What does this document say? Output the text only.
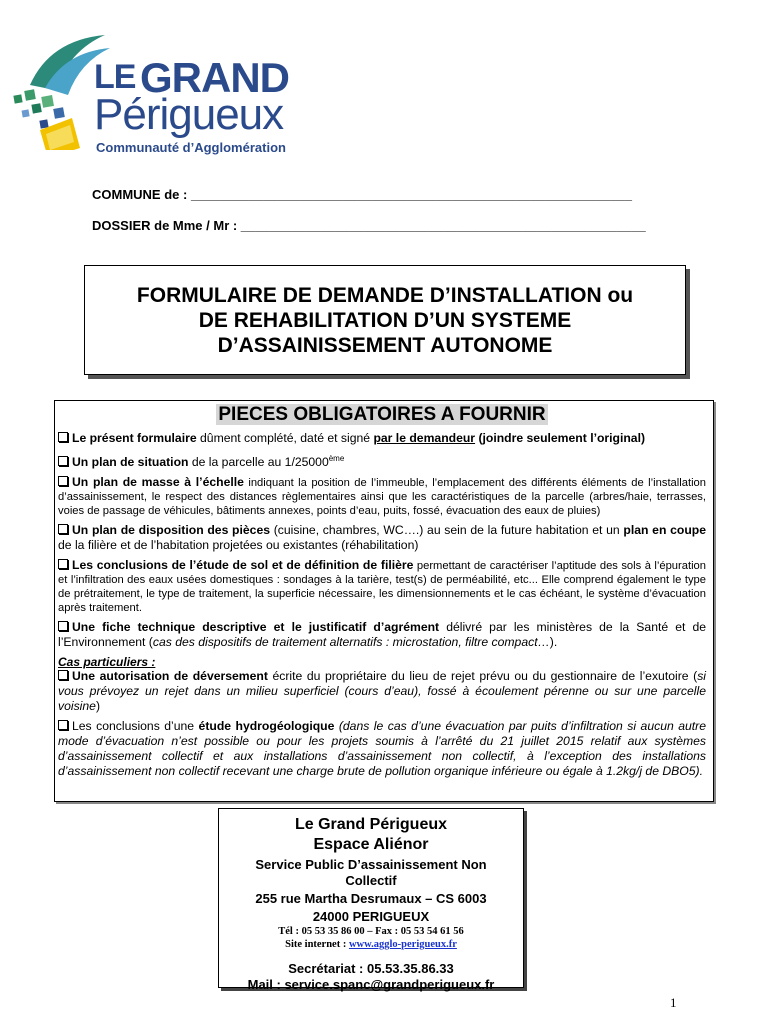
LE GRAND
Périgueux
Communauté d’Agglomération
COMMUNE de : _____________________________________________________________
DOSSIER de Mme / Mr : ________________________________________________________
FORMULAIRE DE DEMANDE D’INSTALLATION ou
DE REHABILITATION D’UN SYSTEME
D’ASSAINISSEMENT AUTONOME
PIECES OBLIGATOIRES A FOURNIR

Le présent formulaire dûment complété, daté et signé par le demandeur (joindre seulement l’original)

Un plan de situation de la parcelle au 1/25000ème

Un plan de masse à l’échelle indiquant la position de l’immeuble, l’emplacement des différents éléments de l’installation d’assainissement, le respect des distances règlementaires ainsi que les caractéristiques de la parcelle (arbres/haie, terrasses, voies de passage de véhicules, bâtiments annexes, points d’eau, puits, fossé, évacuation des eaux de pluies)

Un plan de disposition des pièces (cuisine, chambres, WC….) au sein de la future habitation et un plan en coupe de la filière et de l’habitation projetées ou existantes (réhabilitation)

Les conclusions de l’étude de sol et de définition de filière permettant de caractériser l’aptitude des sols à l’épuration et l’infiltration des eaux usées domestiques : sondages à la tarière, test(s) de perméabilité, etc... Elle comprend également le type de prétraitement, le type de traitement, la superficie nécessaire, les dimensionnements et le cas échéant, le système d’évacuation après traitement.

Une fiche technique descriptive et le justificatif d’agrément délivré par les ministères de la Santé et de l’Environnement (cas des dispositifs de traitement alternatifs : microstation, filtre compact…).

Cas particuliers :

Une autorisation de déversement écrite du propriétaire du lieu de rejet prévu ou du gestionnaire de l’exutoire (si vous prévoyez un rejet dans un milieu superficiel (cours d’eau), fossé à écoulement pérenne ou sur une parcelle voisine)

Les conclusions d’une étude hydrogéologique (dans le cas d’une évacuation par puits d’infiltration si aucun autre mode d’évacuation n’est possible ou pour les projets soumis à l’arrêté du 21 juillet 2015 relatif aux systèmes d’assainissement collectif et aux installations d’assainissement non collectif, à l’exception des installations d’assainissement non collectif recevant une charge brute de pollution organique inférieure ou égale à 1.2kg/j de DBO5).

Le Grand Périgueux
Espace Aliénor
Service Public D’assainissement Non
Collectif
255 rue Martha Desrumaux – CS 6003
24000 PERIGUEUX
Tél : 05 53 35 86 00 – Fax : 05 53 54 61 56
Site internet : www.agglo-perigueux.fr
Secrétariat : 05.53.35.86.33
Mail : service.spanc@grandperigueux.fr
1
